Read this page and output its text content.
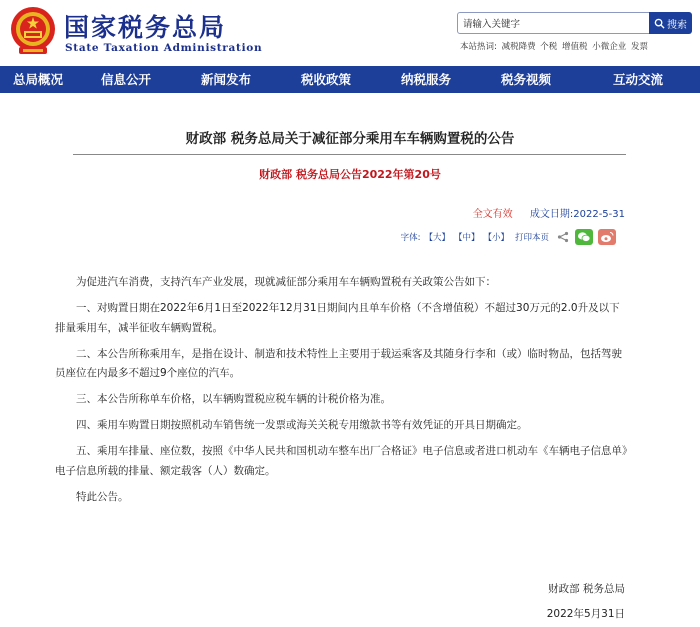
国家税务总局
State Taxation Administration
请输入关键字
搜索
本站热词: 减税降费 个税 增值税 小微企业 发票
总局概况	信息公开	新闻发布	税收政策	纳税服务	税务视频	互动交流
财政部 税务总局关于减征部分乘用车车辆购置税的公告
财政部 税务总局公告2022年第20号
全文有效 成文日期:2022-5-31
字体: 【大】 【中】 【小】 打印本页

为促进汽车消费，支持汽车产业发展，现就减征部分乘用车车辆购置税有关政策公告如下：

一、对购置日期在2022年6月1日至2022年12月31日期间内且单车价格（不含增值税）不超过30万元的2.0升及以下排量乘用车，减半征收车辆购置税。

二、本公告所称乘用车，是指在设计、制造和技术特性上主要用于载运乘客及其随身行李和（或）临时物品，包括驾驶员座位在内最多不超过9个座位的汽车。

三、本公告所称单车价格，以车辆购置税应税车辆的计税价格为准。

四、乘用车购置日期按照机动车销售统一发票或海关关税专用缴款书等有效凭证的开具日期确定。

五、乘用车排量、座位数，按照《中华人民共和国机动车整车出厂合格证》电子信息或者进口机动车《车辆电子信息单》电子信息所载的排量、额定载客（人）数确定。

特此公告。

财政部 税务总局
2022年5月31日
